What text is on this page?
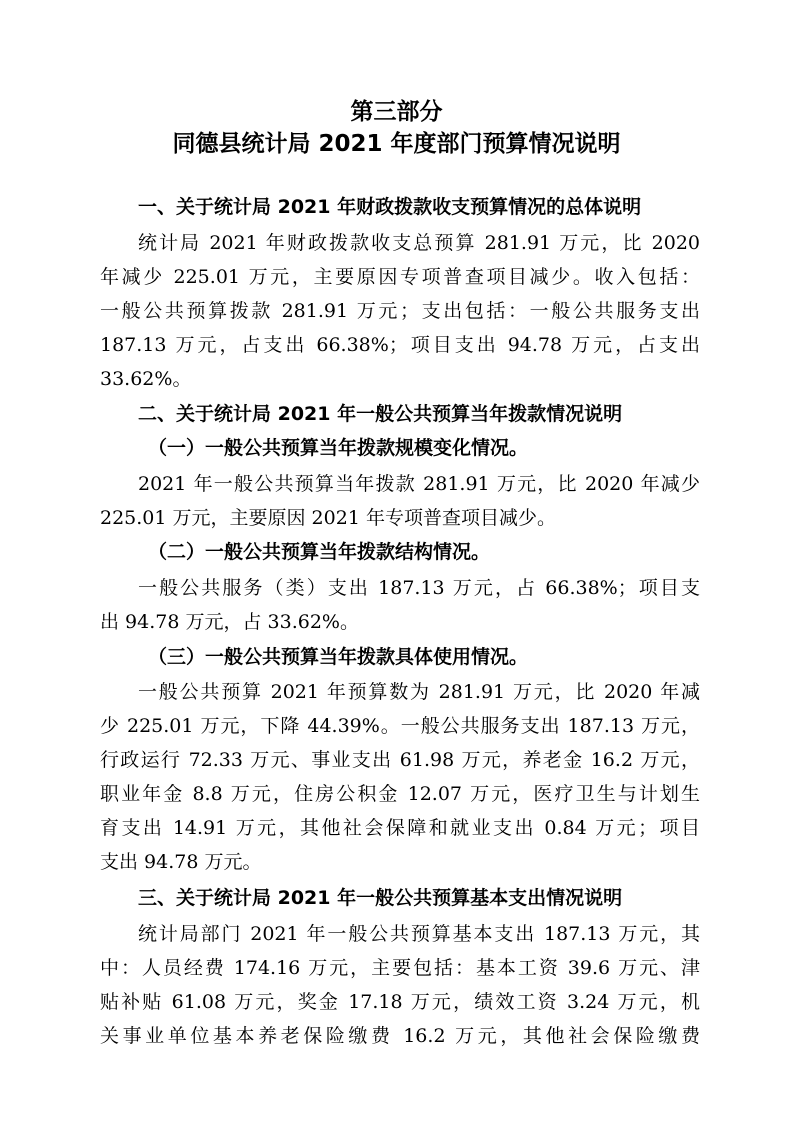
第三部分
同德县统计局 2021 年度部门预算情况说明
一、关于统计局 2021 年财政拨款收支预算情况的总体说明
统计局 2021 年财政拨款收支总预算 281.91 万元，比 2020
年减少 225.01 万元，主要原因专项普查项目减少。收入包括：
一般公共预算拨款 281.91 万元；支出包括：一般公共服务支出
187.13 万元，占支出 66.38%；项目支出 94.78 万元，占支出
33.62%。
二、关于统计局 2021 年一般公共预算当年拨款情况说明
（一）一般公共预算当年拨款规模变化情况。
2021 年一般公共预算当年拨款 281.91 万元，比 2020 年减少
225.01 万元，主要原因 2021 年专项普查项目减少。
（二）一般公共预算当年拨款结构情况。
一般公共服务（类）支出 187.13 万元，占 66.38%；项目支
出 94.78 万元，占 33.62%。
（三）一般公共预算当年拨款具体使用情况。
一般公共预算 2021 年预算数为 281.91 万元，比 2020 年减
少 225.01 万元，下降 44.39%。一般公共服务支出 187.13 万元，
行政运行 72.33 万元、事业支出 61.98 万元，养老金 16.2 万元，
职业年金 8.8 万元，住房公积金 12.07 万元，医疗卫生与计划生
育支出 14.91 万元，其他社会保障和就业支出 0.84 万元；项目
支出 94.78 万元。
三、关于统计局 2021 年一般公共预算基本支出情况说明
统计局部门 2021 年一般公共预算基本支出 187.13 万元，其
中：人员经费 174.16 万元，主要包括：基本工资 39.6 万元、津
贴补贴 61.08 万元，奖金 17.18 万元，绩效工资 3.24 万元，机
关事业单位基本养老保险缴费 16.2 万元，其他社会保险缴费
